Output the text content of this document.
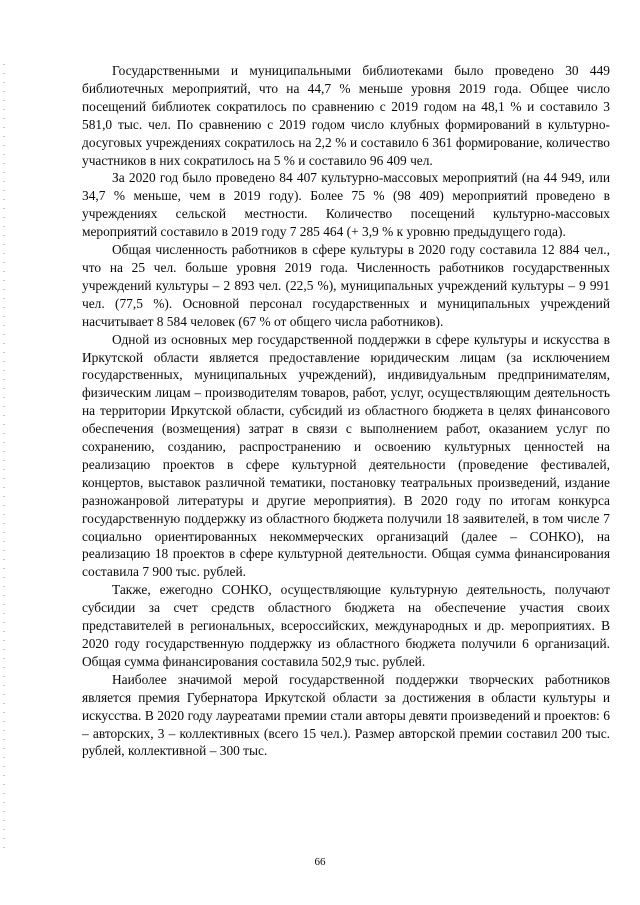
Государственными и муниципальными библиотеками было проведено 30 449 библиотечных мероприятий, что на 44,7 % меньше уровня 2019 года. Общее число посещений библиотек сократилось по сравнению с 2019 годом на 48,1 % и составило 3 581,0 тыс. чел. По сравнению с 2019 годом число клубных формирований в культурно-досуговых учреждениях сократилось на 2,2 % и составило 6 361 формирование, количество участников в них сократилось на 5 % и составило 96 409 чел.

За 2020 год было проведено 84 407 культурно-массовых мероприятий (на 44 949, или 34,7 % меньше, чем в 2019 году). Более 75 % (98 409) мероприятий проведено в учреждениях сельской местности. Количество посещений культурно-массовых мероприятий составило в 2019 году 7 285 464 (+ 3,9 % к уровню предыдущего года).

Общая численность работников в сфере культуры в 2020 году составила 12 884 чел., что на 25 чел. больше уровня 2019 года. Численность работников государственных учреждений культуры – 2 893 чел. (22,5 %), муниципальных учреждений культуры – 9 991 чел. (77,5 %). Основной персонал государственных и муниципальных учреждений насчитывает 8 584 человек (67 % от общего числа работников).

Одной из основных мер государственной поддержки в сфере культуры и искусства в Иркутской области является предоставление юридическим лицам (за исключением государственных, муниципальных учреждений), индивидуальным предпринимателям, физическим лицам – производителям товаров, работ, услуг, осуществляющим деятельность на территории Иркутской области, субсидий из областного бюджета в целях финансового обеспечения (возмещения) затрат в связи с выполнением работ, оказанием услуг по сохранению, созданию, распространению и освоению культурных ценностей на реализацию проектов в сфере культурной деятельности (проведение фестивалей, концертов, выставок различной тематики, постановку театральных произведений, издание разножанровой литературы и другие мероприятия). В 2020 году по итогам конкурса государственную поддержку из областного бюджета получили 18 заявителей, в том числе 7 социально ориентированных некоммерческих организаций (далее – СОНКО), на реализацию 18 проектов в сфере культурной деятельности. Общая сумма финансирования составила 7 900 тыс. рублей.

Также, ежегодно СОНКО, осуществляющие культурную деятельность, получают субсидии за счет средств областного бюджета на обеспечение участия своих представителей в региональных, всероссийских, международных и др. мероприятиях. В 2020 году государственную поддержку из областного бюджета получили 6 организаций. Общая сумма финансирования составила 502,9 тыс. рублей.

Наиболее значимой мерой государственной поддержки творческих работников является премия Губернатора Иркутской области за достижения в области культуры и искусства. В 2020 году лауреатами премии стали авторы девяти произведений и проектов: 6 – авторских, 3 – коллективных (всего 15 чел.). Размер авторской премии составил 200 тыс. рублей, коллективной – 300 тыс.

66
